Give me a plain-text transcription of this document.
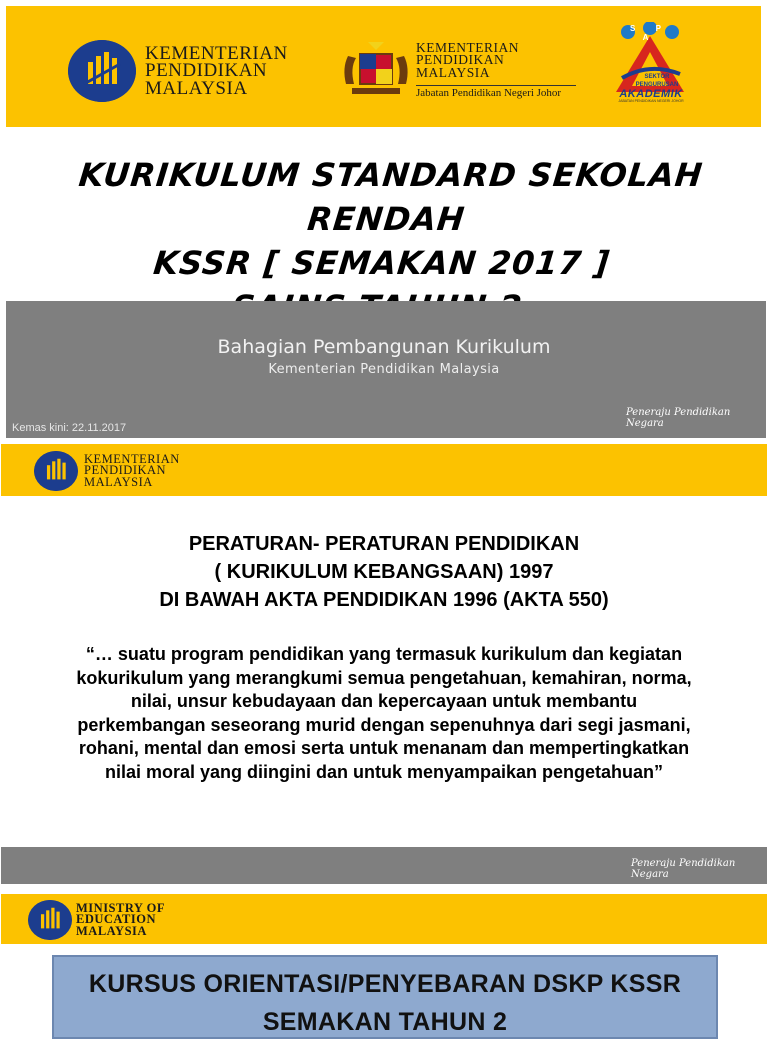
KEMENTERIAN
PENDIDIKAN
MALAYSIA
KEMENTERIAN
PENDIDIKAN
MALAYSIA
Jabatan Pendidikan Negeri Johor
S P A
SEKTOR
PENGURUSAN
AKADEMIK
JABATAN PENDIDIKAN NEGERI JOHOR
KURIKULUM STANDARD SEKOLAH RENDAH
KSSR [ SEMAKAN 2017 ]
Bahagian Pembangunan Kurikulum
Kementerian Pendidikan Malaysia
Peneraju Pendidikan Negara
Kemas kini: 22.11.2017
KEMENTERIAN
PENDIDIKAN
MALAYSIA
PERATURAN- PERATURAN PENDIDIKAN
( KURIKULUM KEBANGSAAN) 1997
DI BAWAH AKTA PENDIDIKAN 1996 (AKTA 550)
“… suatu program pendidikan yang termasuk kurikulum dan kegiatan
kokurikulum yang merangkumi semua pengetahuan, kemahiran, norma,
nilai, unsur kebudayaan dan kepercayaan untuk membantu
perkembangan seseorang murid dengan sepenuhnya dari segi jasmani,
rohani, mental dan emosi serta untuk menanam dan mempertingkatkan
nilai moral yang diingini dan untuk menyampaikan pengetahuan”
Peneraju Pendidikan Negara
MINISTRY OF
EDUCATION
MALAYSIA
KURSUS ORIENTASI/PENYEBARAN DSKP KSSR
SEMAKAN TAHUN 2
